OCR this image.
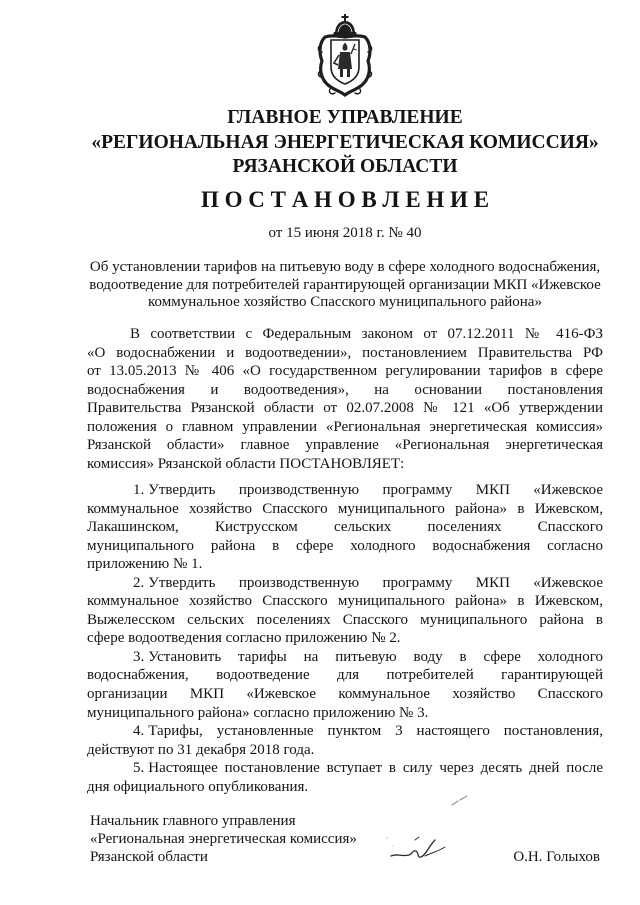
ГЛАВНОЕ УПРАВЛЕНИЕ
«РЕГИОНАЛЬНАЯ ЭНЕРГЕТИЧЕСКАЯ КОМИССИЯ»
РЯЗАНСКОЙ ОБЛАСТИ
П О С Т А Н О В Л Е Н И Е
от 15 июня 2018 г. № 40
Об установлении тарифов на питьевую воду в сфере холодного водоснабжения,
водоотведение для потребителей гарантирующей организации МКП «Ижевское
коммунальное хозяйство Спасского муниципального района»
В соответствии с Федеральным законом от 07.12.2011 № 416-ФЗ
«О водоснабжении и водоотведении», постановлением Правительства РФ
от 13.05.2013 № 406 «О государственном регулировании тарифов в сфере
водоснабжения и водоотведения», на основании постановления
Правительства Рязанской области от 02.07.2008 № 121 «Об утверждении
положения о главном управлении «Региональная энергетическая комиссия»
Рязанской области» главное управление «Региональная энергетическая
комиссия» Рязанской области ПОСТАНОВЛЯЕТ:
1. Утвердить производственную программу МКП «Ижевское
коммунальное хозяйство Спасского муниципального района» в Ижевском,
Лакашинском, Киструсском сельских поселениях Спасского
муниципального района в сфере холодного водоснабжения согласно
приложению № 1.
2. Утвердить производственную программу МКП «Ижевское
коммунальное хозяйство Спасского муниципального района» в Ижевском,
Выжелесском сельских поселениях Спасского муниципального района в
сфере водоотведения согласно приложению № 2.
3. Установить тарифы на питьевую воду в сфере холодного
водоснабжения, водоотведение для потребителей гарантирующей
организации МКП «Ижевское коммунальное хозяйство Спасского
муниципального района» согласно приложению № 3.
4. Тарифы, установленные пунктом 3 настоящего постановления,
действуют по 31 декабря 2018 года.
5. Настоящее постановление вступает в силу через десять дней после
дня официального опубликования.
Начальник главного управления
«Региональная энергетическая комиссия»
Рязанской области	О.Н. Голыхов
